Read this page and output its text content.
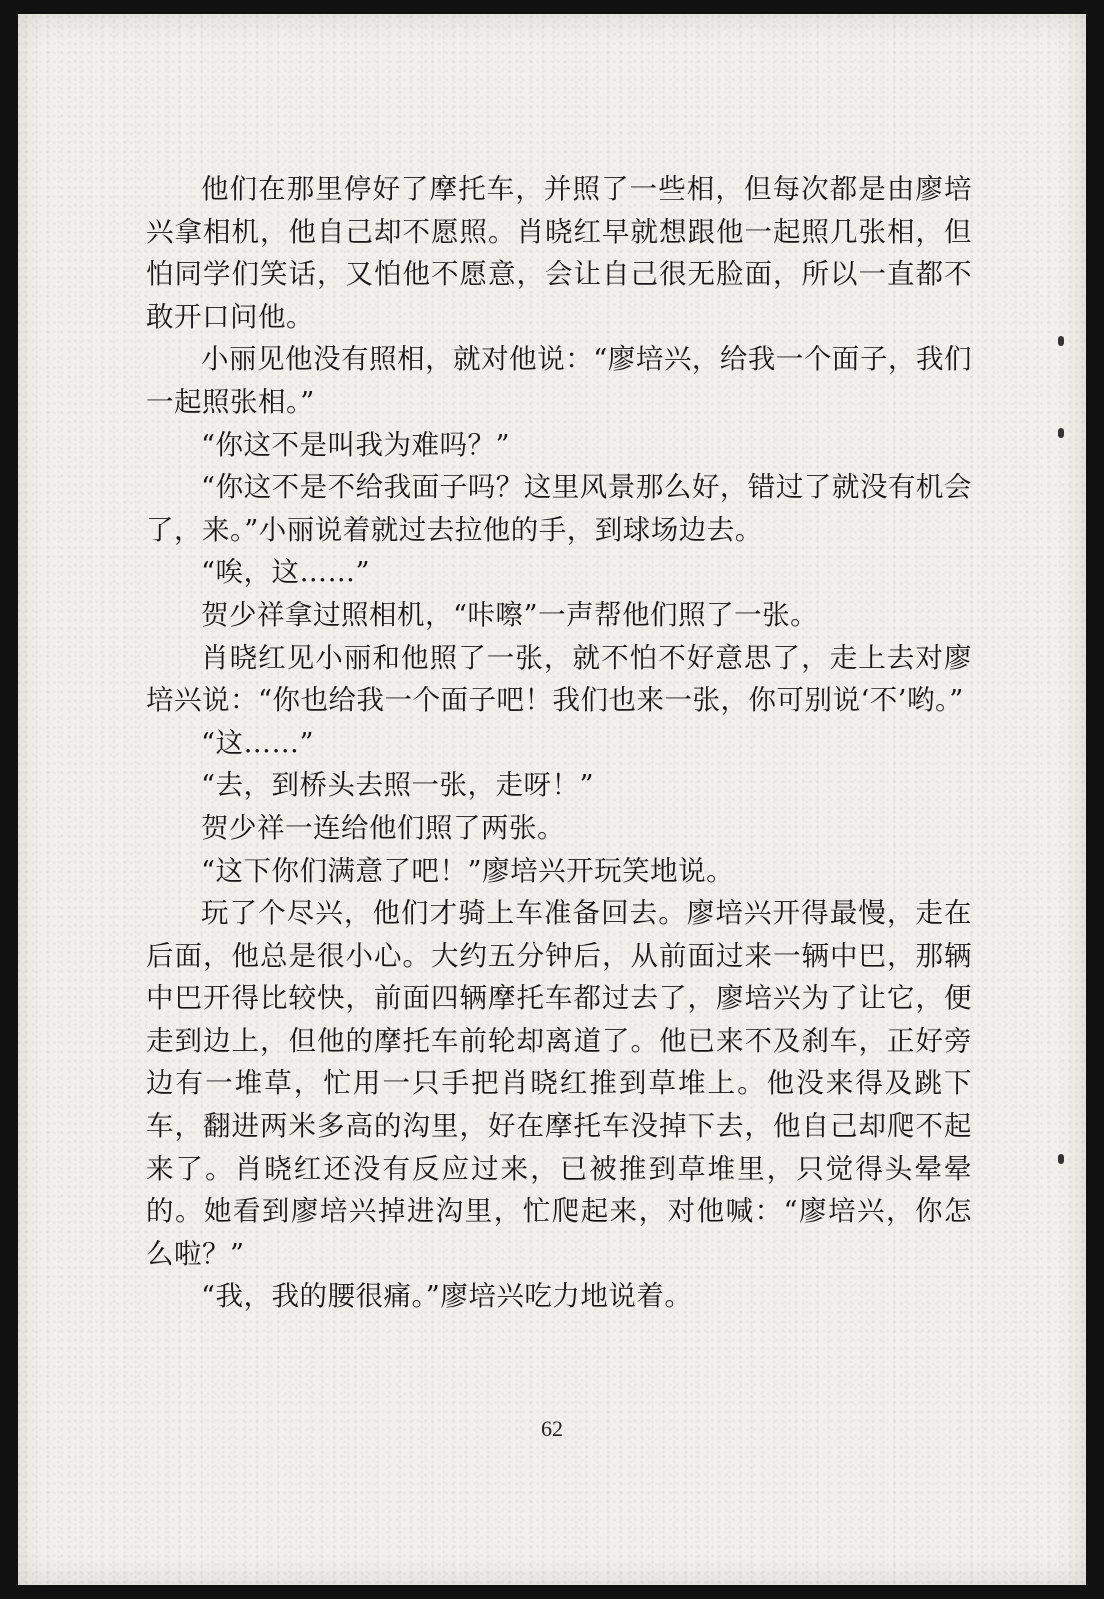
他们在那里停好了摩托车，并照了一些相，但每次都是由廖培兴拿相机，他自己却不愿照。肖晓红早就想跟他一起照几张相，但怕同学们笑话，又怕他不愿意，会让自己很无脸面，所以一直都不敢开口问他。

小丽见他没有照相，就对他说：“廖培兴，给我一个面子，我们一起照张相。”

“你这不是叫我为难吗？”

“你这不是不给我面子吗？这里风景那么好，错过了就没有机会了，来。”小丽说着就过去拉他的手，到球场边去。

“唉，这……”

贺少祥拿过照相机，“咔嚓”一声帮他们照了一张。

肖晓红见小丽和他照了一张，就不怕不好意思了，走上去对廖培兴说：“你也给我一个面子吧！我们也来一张，你可别说‘不’哟。”

“这……”

“去，到桥头去照一张，走呀！”

贺少祥一连给他们照了两张。

“这下你们满意了吧！”廖培兴开玩笑地说。

玩了个尽兴，他们才骑上车准备回去。廖培兴开得最慢，走在后面，他总是很小心。大约五分钟后，从前面过来一辆中巴，那辆中巴开得比较快，前面四辆摩托车都过去了，廖培兴为了让它，便走到边上，但他的摩托车前轮却离道了。他已来不及刹车，正好旁边有一堆草，忙用一只手把肖晓红推到草堆上。他没来得及跳下车，翻进两米多高的沟里，好在摩托车没掉下去，他自己却爬不起来了。肖晓红还没有反应过来，已被推到草堆里，只觉得头晕晕的。她看到廖培兴掉进沟里，忙爬起来，对他喊：“廖培兴，你怎么啦？”

“我，我的腰很痛。”廖培兴吃力地说着。

62
